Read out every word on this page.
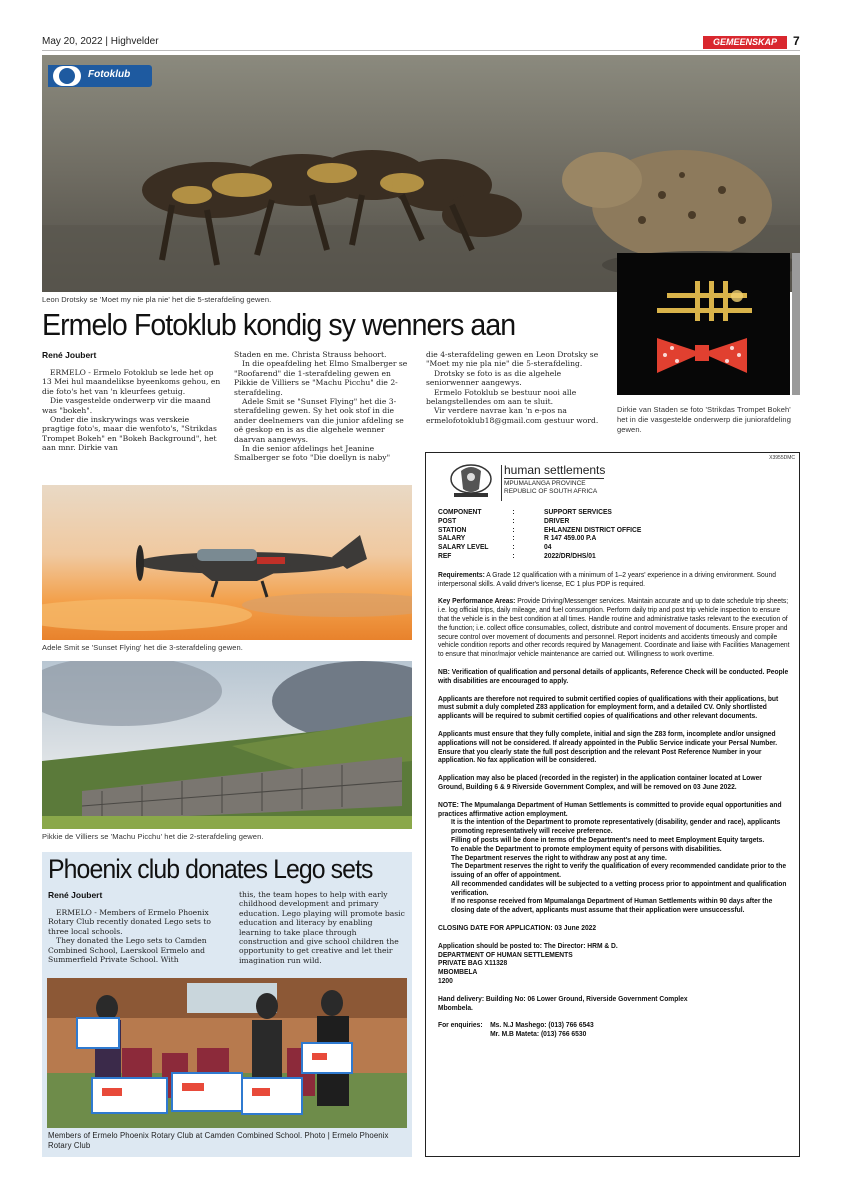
May 20, 2022 | Highvelder	GEMEENSKAP	7
Fotoklub
Leon Drotsky se 'Moet my nie pla nie' het die 5-sterafdeling gewen.
Dirkie van Staden se foto 'Strikdas Trompet Bokeh' het in die vasgestelde onderwerp die juniorafdeling gewen.
Ermelo Fotoklub kondig sy wenners aan
René Joubert

ERMELO - Ermelo Fotoklub se lede het op 13 Mei hul maandelikse byeenkoms gehou, en die foto's het van 'n kleurfees getuig.

Die vasgestelde onderwerp vir die maand was "bokeh".

Onder die inskrywings was verskeie pragtige foto's, maar die wenfoto's, "Strikdas Trompet Bokeh" en "Bokeh Background", het aan mnr. Dirkie van

Staden en me. Christa Strauss behoort.

In die opeafdeling het Elmo Smalberger se "Roofarend" die 1-sterafdeling gewen en Pikkie de Villiers se "Machu Picchu" die 2-sterafdeling.

Adele Smit se "Sunset Flying" het die 3-sterafdeling gewen. Sy het ook stof in die ander deelnemers van die junior afdeling se oë geskop en is as die algehele wenner daarvan aangewys.

In die senior afdelings het Jeanine Smalberger se foto "Die doellyn is naby"

die 4-sterafdeling gewen en Leon Drotsky se "Moet my nie pla nie" die 5-sterafdeling.

Drotsky se foto is as die algehele seniorwenner aangewys.

Ermelo Fotoklub se bestuur nooi alle belangstellendes om aan te sluit.

Vir verdere navrae kan 'n e-pos na ermelofotoklub18@gmail.com gestuur word.

Adele Smit se 'Sunset Flying' het die 3-sterafdeling gewen.
Pikkie de Villiers se 'Machu Picchu' het die 2-sterafdeling gewen.
Phoenix club donates Lego sets
René Joubert

ERMELO - Members of Ermelo Phoenix Rotary Club recently donated Lego sets to three local schools.

They donated the Lego sets to Camden Combined School, Laerskool Ermelo and Summerfield Private School. With

this, the team hopes to help with early childhood development and primary education. Lego playing will promote basic education and literacy by enabling learning to take place through construction and give school children the opportunity to get creative and let their imagination run wild.

Members of Ermelo Phoenix Rotary Club at Camden Combined School. Photo | Ermelo Phoenix Rotary Club
X3955DMC
human settlements
MPUMALANGA PROVINCE
REPUBLIC OF SOUTH AFRICA
COMPONENT	:	SUPPORT SERVICES
POST	:	DRIVER
STATION	:	EHLANZENI DISTRICT OFFICE
SALARY	:	R 147 459.00 P.A
SALARY LEVEL	:	04
REF	:	2022/DR/DHS/01

Requirements: A Grade 12 qualification with a minimum of 1–2 years' experience in a driving environment. Sound interpersonal skills. A valid driver's license, EC 1 plus PDP is required.

Key Performance Areas: Provide Driving/Messenger services. Maintain accurate and up to date schedule trip sheets; i.e. log official trips, daily mileage, and fuel consumption. Perform daily trip and post trip vehicle inspection to ensure that the vehicle is in the best condition at all times. Handle routine and administrative tasks relevant to the execution of the function; i.e. collect office consumables, collect, distribute and control movement of documents. Ensure proper and secure control over movement of documents and personnel. Report incidents and accidents timeously and compile vehicle condition reports and other records required by Management. Coordinate and liaise with Facilities Management to ensure that minor/major vehicle maintenance are carried out. Willingness to work overtime.

NB: Verification of qualification and personal details of applicants, Reference Check will be conducted. People with disabilities are encouraged to apply.

Applicants are therefore not required to submit certified copies of qualifications with their applications, but must submit a duly completed Z83 application for employment form, and a detailed CV. Only shortlisted applicants will be required to submit certified copies of qualifications and other relevant documents.

Applicants must ensure that they fully complete, initial and sign the Z83 form, incomplete and/or unsigned applications will not be considered. If already appointed in the Public Service indicate your Persal Number. Ensure that you clearly state the full post description and the relevant Post Reference Number in your application. No fax application will be considered.

Application may also be placed (recorded in the register) in the application container located at Lower Ground, Building 6 & 9 Riverside Government Complex, and will be removed on 03 June 2022.

NOTE: The Mpumalanga Department of Human Settlements is committed to provide equal opportunities and practices affirmative action employment.

It is the intention of the Department to promote representatively (disability, gender and race), applicants promoting representatively will receive preference.
Filling of posts will be done in terms of the Department's need to meet Employment Equity targets.
To enable the Department to promote employment equity of persons with disabilities.
The Department reserves the right to withdraw any post at any time.
The Department reserves the right to verify the qualification of every recommended candidate prior to the issuing of an offer of appointment.
All recommended candidates will be subjected to a vetting process prior to appointment and qualification verification.
If no response received from Mpumalanga Department of Human Settlements within 90 days after the closing date of the advert, applicants must assume that their application were unsuccessful.

CLOSING DATE FOR APPLICATION: 03 June 2022

Application should be posted to: The Director: HRM & D.
DEPARTMENT OF HUMAN SETTLEMENTS
PRIVATE BAG X11328
MBOMBELA
1200
Hand delivery: Building No: 06 Lower Ground, Riverside Government Complex
Mbombela.
For enquiries:	Ms. N.J Mashego: (013) 766 6543
Mr. M.B Mateta: (013) 766 6530
